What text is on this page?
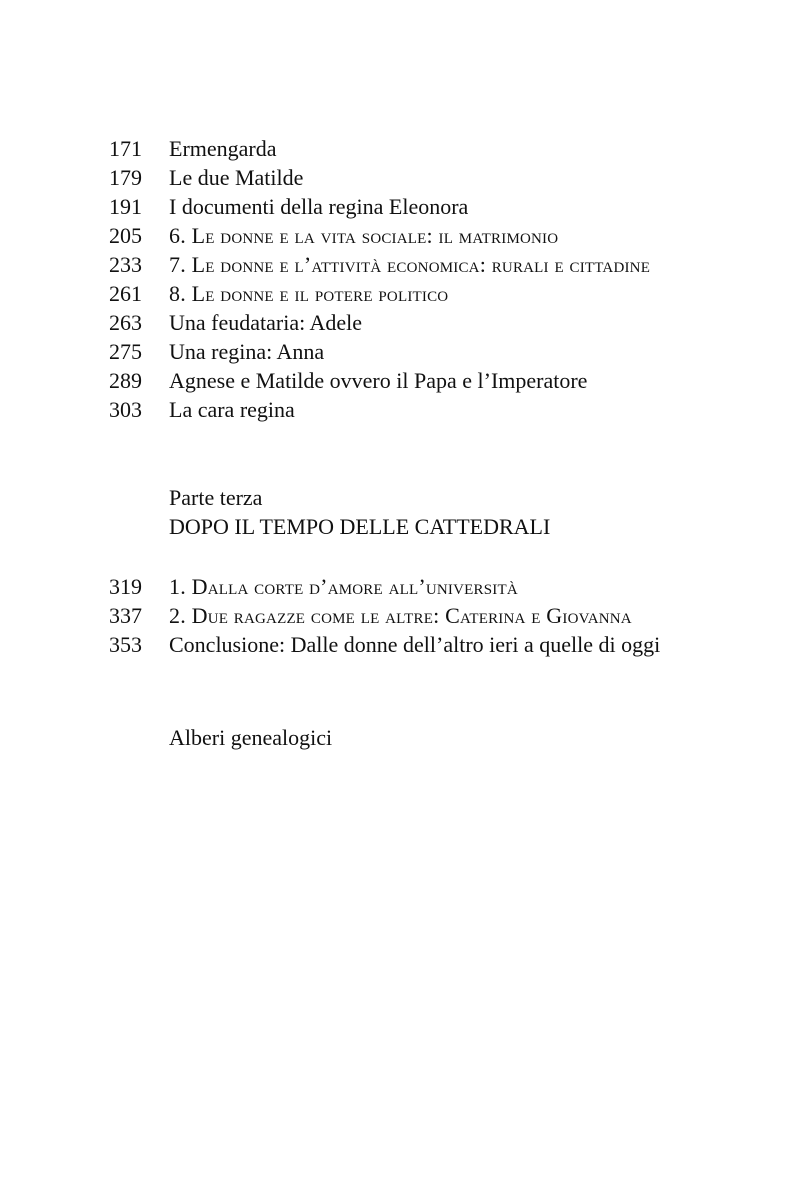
171	Ermengarda
179	Le due Matilde
191	I documenti della regina Eleonora
205	6. Le donne e la vita sociale: il matrimonio
233	7. Le donne e l’attività economica: rurali e cittadine
261	8. Le donne e il potere politico
263	Una feudataria: Adele
275	Una regina: Anna
289	Agnese e Matilde ovvero il Papa e l’Imperatore
303	La cara regina
Parte terza
DOPO IL TEMPO DELLE CATTEDRALI
319	1. Dalla corte d’amore all’università
337	2. Due ragazze come le altre: Caterina e Giovanna
353	Conclusione: Dalle donne dell’altro ieri a quelle di oggi
Alberi genealogici
